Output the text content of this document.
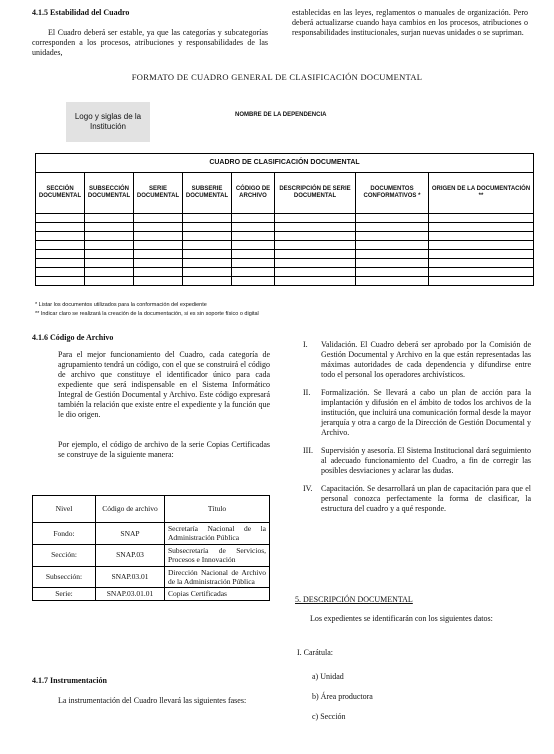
4.1.5 Estabilidad del Cuadro
El Cuadro deberá ser estable, ya que las categorías y subcategorías corresponden a los procesos, atribuciones y responsabilidades de las unidades,
establecidas en las leyes, reglamentos o manuales de organización. Pero deberá actualizarse cuando haya cambios en los procesos, atribuciones o responsabilidades institucionales, surjan nuevas unidades o se supriman.
FORMATO DE CUADRO GENERAL DE CLASIFICACIÓN DOCUMENTAL
Logo y siglas de la Institución
NOMBRE DE LA DEPENDENCIA
CUADRO DE CLASIFICACIÓN DOCUMENTAL							
SECCIÓN DOCUMENTAL	SUBSECCIÓN DOCUMENTAL	SERIE DOCUMENTAL	SUBSERIE DOCUMENTAL	CÓDIGO DE ARCHIVO	DESCRIPCIÓN DE SERIE DOCUMENTAL	DOCUMENTOS CONFORMATIVOS *	ORIGEN DE LA DOCUMENTACIÓN **

* Listar los documentos utilizados para la conformación del expediente
** Indicar claro se realizará la creación de la documentación, si es sin soporte físico o digital
4.1.6 Código de Archivo
Para el mejor funcionamiento del Cuadro, cada categoría de agrupamiento tendrá un código, con el que se construirá el código de archivo que constituye el identificador único para cada expediente que será indispensable en el Sistema Informático Integral de Gestión Documental y Archivo. Este código expresará también la relación que existe entre el expediente y la función que le dio origen.
Por ejemplo, el código de archivo de la serie Copias Certificadas se construye de la siguiente manera:
Nivel	Código de archivo	Título
Fondo:	SNAP	Secretaría Nacional de la Administración Pública
Sección:	SNAP.03	Subsecretaría de Servicios, Procesos e Innovación
Subsección:	SNAP.03.01	Dirección Nacional de Archivo de la Administración Pública
Serie:	SNAP.03.01.01	Copias Certificadas
4.1.7 Instrumentación
La instrumentación del Cuadro llevará las siguientes fases:
I.	Validación. El Cuadro deberá ser aprobado por la Comisión de Gestión Documental y Archivo en la que están representadas las máximas autoridades de cada dependencia y difundirse entre todo el personal los operadores archivísticos.
II.	Formalización. Se llevará a cabo un plan de acción para la implantación y difusión en el ámbito de todos los archivos de la institución, que incluirá una comunicación formal desde la mayor jerarquía y otra a cargo de la Dirección de Gestión Documental y Archivo.
III.	Supervisión y asesoría. El Sistema Institucional dará seguimiento al adecuado funcionamiento del Cuadro, a fin de corregir las posibles desviaciones y aclarar las dudas.
IV.	Capacitación. Se desarrollará un plan de capacitación para que el personal conozca perfectamente la forma de clasificar, la estructura del cuadro y a qué responde.
5. DESCRIPCIÓN DOCUMENTAL
Los expedientes se identificarán con los siguientes datos:
I. Carátula:
a) Unidad
b) Área productora
c) Sección
